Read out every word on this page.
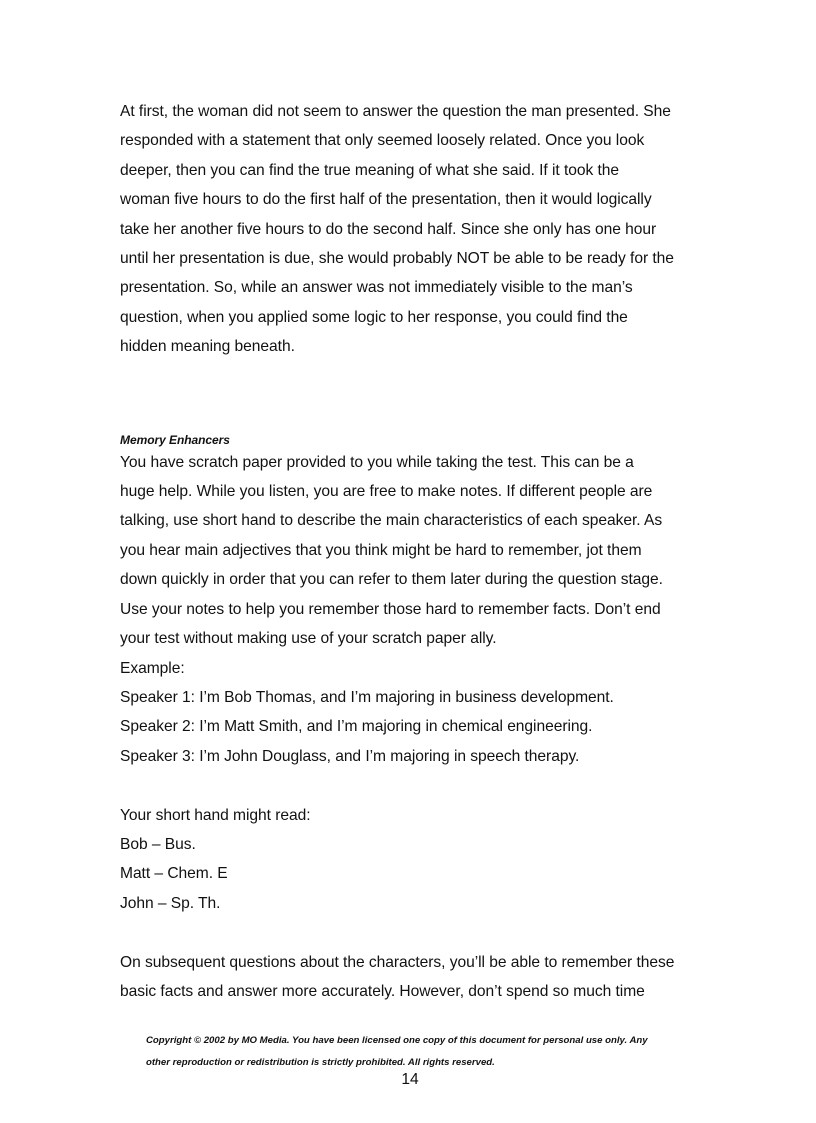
At first, the woman did not seem to answer the question the man presented. She
responded with a statement that only seemed loosely related. Once you look
deeper, then you can find the true meaning of what she said. If it took the
woman five hours to do the first half of the presentation, then it would logically
take her another five hours to do the second half. Since she only has one hour
until her presentation is due, she would probably NOT be able to be ready for the
presentation. So, while an answer was not immediately visible to the man’s
question, when you applied some logic to her response, you could find the
hidden meaning beneath.

Memory Enhancers

You have scratch paper provided to you while taking the test. This can be a
huge help. While you listen, you are free to make notes. If different people are
talking, use short hand to describe the main characteristics of each speaker. As
you hear main adjectives that you think might be hard to remember, jot them
down quickly in order that you can refer to them later during the question stage.
Use your notes to help you remember those hard to remember facts. Don’t end
your test without making use of your scratch paper ally.
Example:
Speaker 1: I’m Bob Thomas, and I’m majoring in business development.
Speaker 2: I’m Matt Smith, and I’m majoring in chemical engineering.
Speaker 3: I’m John Douglass, and I’m majoring in speech therapy.

Your short hand might read:
Bob – Bus.
Matt – Chem. E
John – Sp. Th.

On subsequent questions about the characters, you’ll be able to remember these
basic facts and answer more accurately. However, don’t spend so much time

Copyright © 2002 by MO Media. You have been licensed one copy of this document for personal use only. Any
other reproduction or redistribution is strictly prohibited. All rights reserved.
14
